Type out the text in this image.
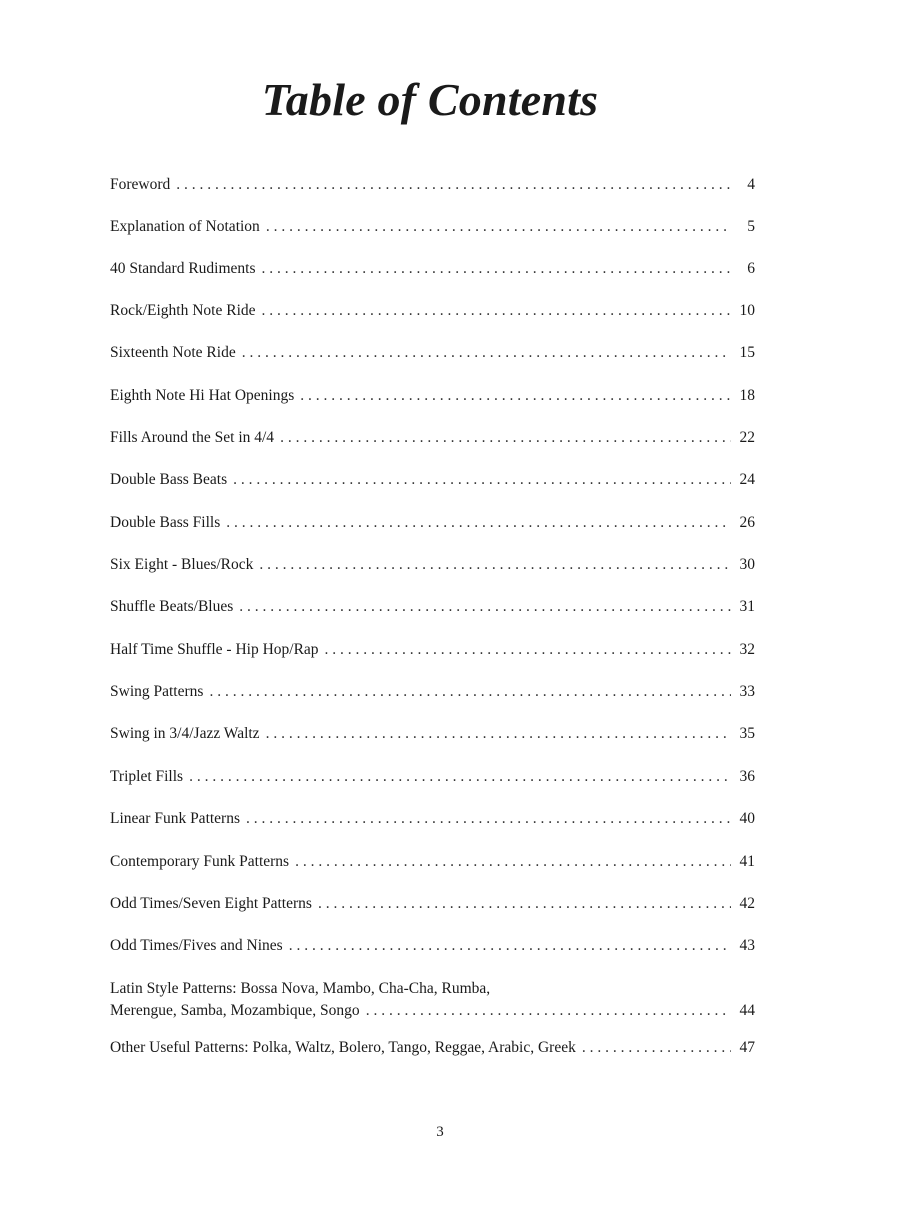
Table of Contents
Foreword . . .	4
Explanation of Notation . . .	5
40 Standard Rudiments . . .	6
Rock/Eighth Note Ride . . .	10
Sixteenth Note Ride . . .	15
Eighth Note Hi Hat Openings . . .	18
Fills Around the Set in 4/4 . . .	22
Double Bass Beats . . .	24
Double Bass Fills . . .	26
Six Eight - Blues/Rock . . .	30
Shuffle Beats/Blues . . .	31
Half Time Shuffle - Hip Hop/Rap . . .	32
Swing Patterns . . .	33
Swing in 3/4/Jazz Waltz . . .	35
Triplet Fills . . .	36
Linear Funk Patterns . . .	40
Contemporary Funk Patterns . . .	41
Odd Times/Seven Eight Patterns . . .	42
Odd Times/Fives and Nines . . .	43
Latin Style Patterns: Bossa Nova, Mambo, Cha-Cha, Rumba,
Merengue, Samba, Mozambique, Songo . . .	44
Other Useful Patterns: Polka, Waltz, Bolero, Tango, Reggae, Arabic, Greek . . .	47
3
